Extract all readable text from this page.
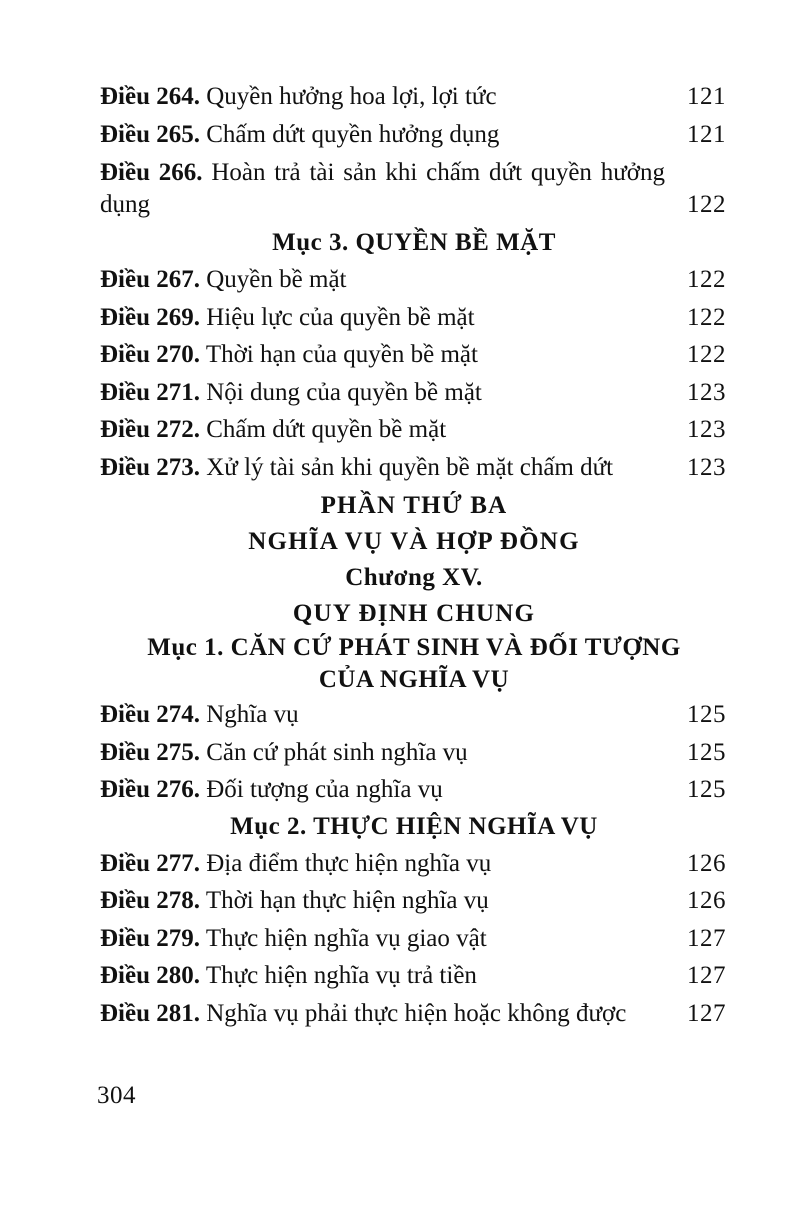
Điều 264. Quyền hưởng hoa lợi, lợi tức	121
Điều 265. Chấm dứt quyền hưởng dụng	121
Điều 266. Hoàn trả tài sản khi chấm dứt quyền hưởng dụng	122
Mục 3. QUYỀN BỀ MẶT
Điều 267. Quyền bề mặt	122
Điều 269. Hiệu lực của quyền bề mặt	122
Điều 270. Thời hạn của quyền bề mặt	122
Điều 271. Nội dung của quyền bề mặt	123
Điều 272. Chấm dứt quyền bề mặt	123
Điều 273. Xử lý tài sản khi quyền bề mặt chấm dứt	123
PHẦN THỨ BA
NGHĨA VỤ VÀ HỢP ĐỒNG
Chương XV.
QUY ĐỊNH CHUNG
Mục 1. CĂN CỨ PHÁT SINH VÀ ĐỐI TƯỢNG
CỦA NGHĨA VỤ
Điều 274. Nghĩa vụ	125
Điều 275. Căn cứ phát sinh nghĩa vụ	125
Điều 276. Đối tượng của nghĩa vụ	125
Mục 2. THỰC HIỆN NGHĨA VỤ
Điều 277. Địa điểm thực hiện nghĩa vụ	126
Điều 278. Thời hạn thực hiện nghĩa vụ	126
Điều 279. Thực hiện nghĩa vụ giao vật	127
Điều 280. Thực hiện nghĩa vụ trả tiền	127
Điều 281. Nghĩa vụ phải thực hiện hoặc không được 127
304
